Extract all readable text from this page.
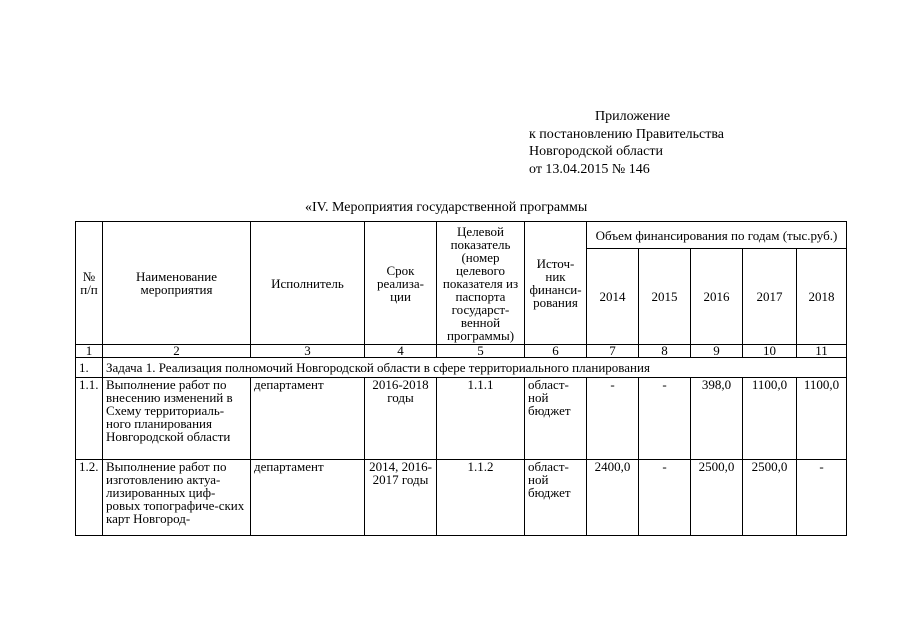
Приложение
к постановлению Правительства
Новгородской области
от 13.04.2015 № 146
«IV. Мероприятия государственной программы
№ п/п	Наименование мероприятия	Исполнитель	Срок реализа-ции	Целевой показатель (номер целевого показателя из паспорта государст-венной программы)	Источ-ник финанси-рования	Объем финансирования по годам (тыс.руб.)				
						2014	2015	2016	2017	2018
1	2	3	4	5	6	7	8	9	10	11
1.	Задача 1. Реализация полномочий Новгородской области в сфере территориального планирования									
1.1.	Выполнение работ по внесению изменений в Схему территориаль-ного планирования Новгородской области	департамент	2016-2018 годы	1.1.1	област-ной бюджет	-	-	398,0	1100,0	1100,0
1.2.	Выполнение работ по изготовлению актуа-лизированных циф-ровых топографиче-ских карт Новгород-	департамент	2014, 2016-2017 годы	1.1.2	област-ной бюджет	2400,0	-	2500,0	2500,0	-
